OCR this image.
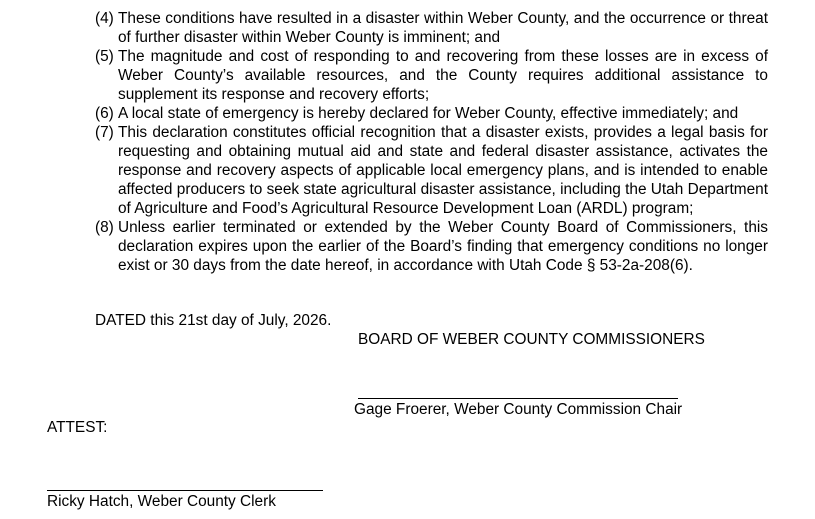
(4) These conditions have resulted in a disaster within Weber County, and the occurrence or threat of further disaster within Weber County is imminent; and
(5) The magnitude and cost of responding to and recovering from these losses are in excess of Weber County’s available resources, and the County requires additional assistance to supplement its response and recovery efforts;
(6) A local state of emergency is hereby declared for Weber County, effective immediately; and
(7) This declaration constitutes official recognition that a disaster exists, provides a legal basis for requesting and obtaining mutual aid and state and federal disaster assistance, activates the response and recovery aspects of applicable local emergency plans, and is intended to enable affected producers to seek state agricultural disaster assistance, including the Utah Department of Agriculture and Food’s Agricultural Resource Development Loan (ARDL) program;
(8) Unless earlier terminated or extended by the Weber County Board of Commissioners, this declaration expires upon the earlier of the Board’s finding that emergency conditions no longer exist or 30 days from the date hereof, in accordance with Utah Code § 53-2a-208(6).
DATED this 21st day of July, 2026.
BOARD OF WEBER COUNTY COMMISSIONERS
Gage Froerer, Weber County Commission Chair
ATTEST:
Ricky Hatch, Weber County Clerk
